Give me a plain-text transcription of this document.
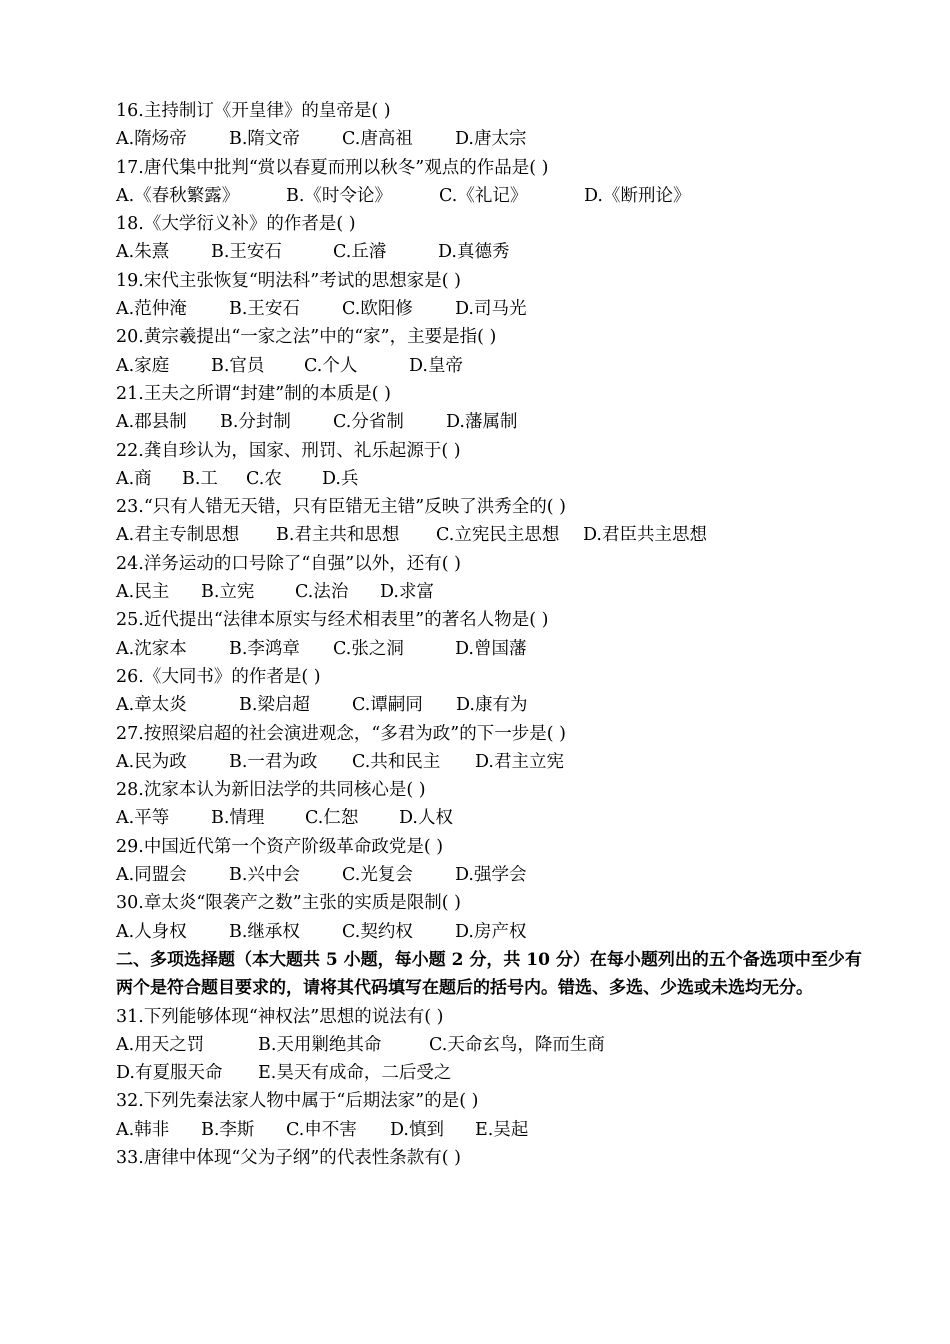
16.主持制订《开皇律》的皇帝是( )
A.隋炀帝	B.隋文帝	C.唐高祖	D.唐太宗
17.唐代集中批判“赏以春夏而刑以秋冬”观点的作品是( )
A.《春秋繁露》	B.《时令论》	C.《礼记》	D.《断刑论》
18.《大学衍义补》的作者是( )
A.朱熹	B.王安石	C.丘濬	D.真德秀
19.宋代主张恢复“明法科”考试的思想家是( )
A.范仲淹	B.王安石	C.欧阳修	D.司马光
20.黄宗羲提出“一家之法”中的“家”，主要是指( )
A.家庭	B.官员	C.个人	D.皇帝
21.王夫之所谓“封建”制的本质是( )
A.郡县制	B.分封制	C.分省制	D.藩属制
22.龚自珍认为，国家、刑罚、礼乐起源于( )
A.商	B.工	C.农	D.兵
23.“只有人错无天错，只有臣错无主错”反映了洪秀全的( )
A.君主专制思想	B.君主共和思想	C.立宪民主思想	D.君臣共主思想
24.洋务运动的口号除了“自强”以外，还有( )
A.民主	B.立宪	C.法治	D.求富
25.近代提出“法律本原实与经术相表里”的著名人物是( )
A.沈家本	B.李鸿章	C.张之洞	D.曾国藩
26.《大同书》的作者是( )
A.章太炎	B.梁启超	C.谭嗣同	D.康有为
27.按照梁启超的社会演进观念，“多君为政”的下一步是( )
A.民为政	B.一君为政	C.共和民主	D.君主立宪
28.沈家本认为新旧法学的共同核心是( )
A.平等	B.情理	C.仁恕	D.人权
29.中国近代第一个资产阶级革命政党是( )
A.同盟会	B.兴中会	C.光复会	D.强学会
30.章太炎“限袭产之数”主张的实质是限制( )
A.人身权	B.继承权	C.契约权	D.房产权
二、多项选择题（本大题共 5 小题，每小题 2 分，共 10 分）在每小题列出的五个备选项中至少有两个是符合题目要求的，请将其代码填写在题后的括号内。错选、多选、少选或未选均无分。
31.下列能够体现“神权法”思想的说法有( )
A.用天之罚	B.天用剿绝其命	C.天命玄鸟，降而生商
D.有夏服天命	E.昊天有成命，二后受之
32.下列先秦法家人物中属于“后期法家”的是( )
A.韩非	B.李斯	C.申不害	D.慎到	E.吴起
33.唐律中体现“父为子纲”的代表性条款有( )
